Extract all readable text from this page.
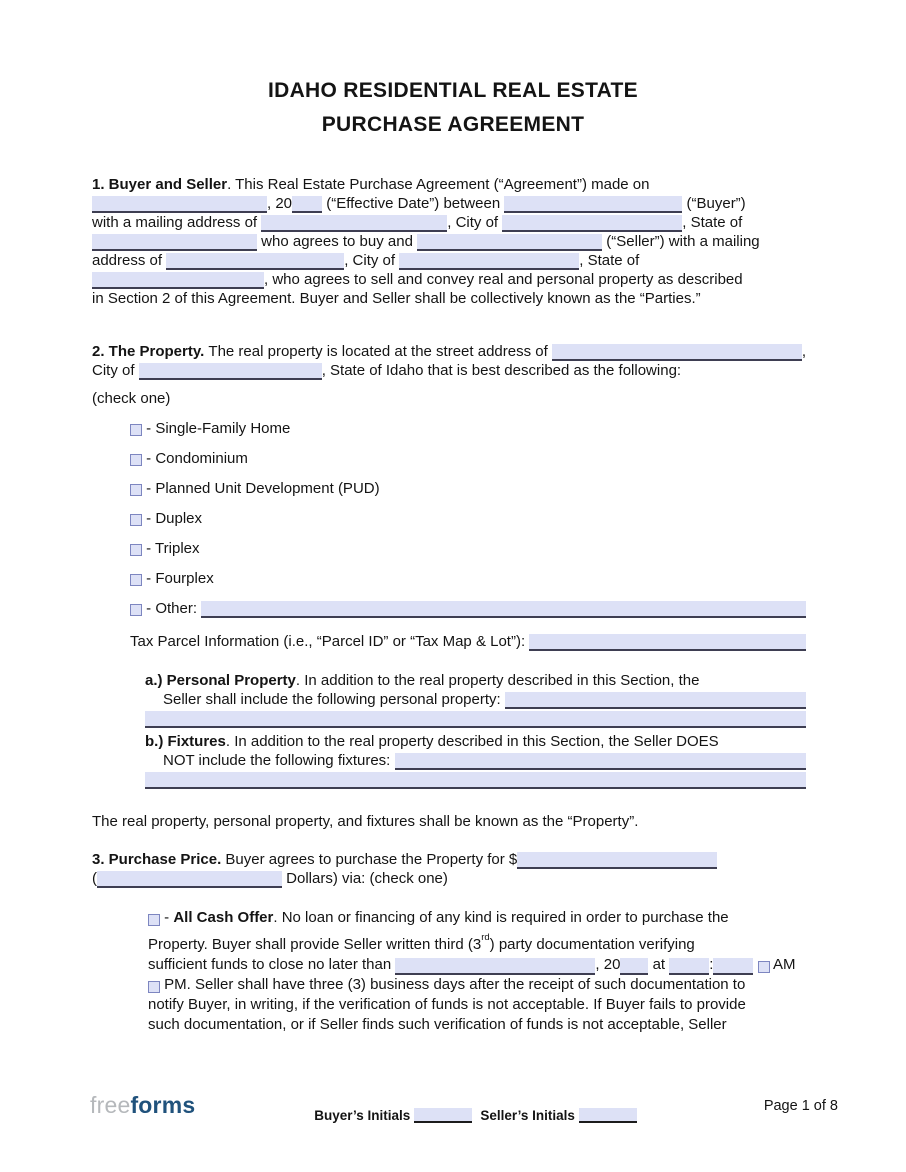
IDAHO RESIDENTIAL REAL ESTATE
PURCHASE AGREEMENT
1. Buyer and Seller . This Real Estate Purchase Agreement (“Agreement”) made on
, 20 (“Effective Date”) between	(“Buyer”)
with a mailing address of	, City of	, State of
who agrees to buy and	(“Seller”) with a mailing
address of	, City of	, State of
, who agrees to sell and convey real and personal property as described
in Section 2 of this Agreement. Buyer and Seller shall be collectively known as the “Parties.”
2. The Property. The real property is located at the street address of	,
City of	, State of Idaho that is best described as the following:
(check one)
- Single-Family Home
- Condominium
- Planned Unit Development (PUD)
- Duplex
- Triplex
- Fourplex
- Other:
Tax Parcel Information (i.e., “Parcel ID” or “Tax Map & Lot”):
a.) Personal Property . In addition to the real property described in this Section, the
Seller shall include the following personal property:
b.) Fixtures . In addition to the real property described in this Section, the Seller DOES
NOT include the following fixtures:
The real property, personal property, and fixtures shall be known as the “Property”.
3. Purchase Price. Buyer agrees to purchase the Property for $
(	Dollars) via: (check one)
- All Cash Offer . No loan or financing of any kind is required in order to purchase the
Property. Buyer shall provide Seller written third (3 rd ) party documentation verifying
sufficient funds to close no later than	, 20 at	:
	AM
PM. Seller shall have three (3) business days after the receipt of such documentation to
notify Buyer, in writing, if the verification of funds is not acceptable. If Buyer fails to provide
such documentation, or if Seller finds such verification of funds is not acceptable, Seller
freeforms	Buyer’s Initials	Seller’s Initials
Page 1 of 8
